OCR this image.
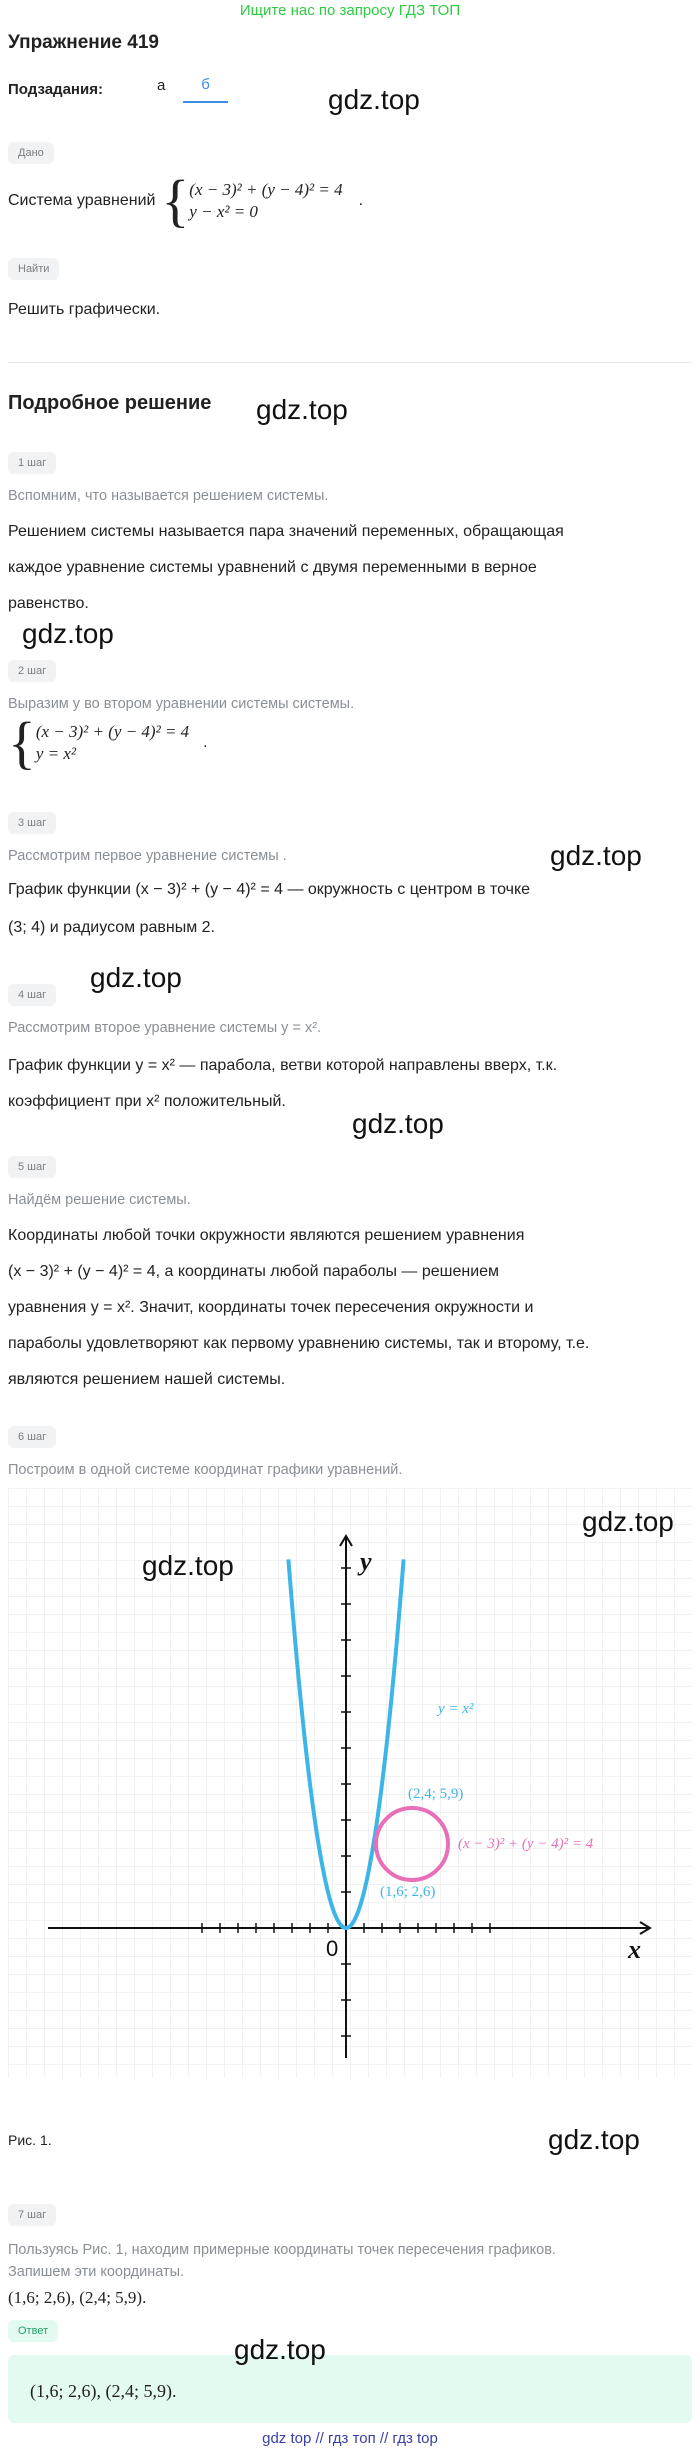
Ищите нас по запросу ГДЗ ТОП
Упражнение 419
Подзадания:	а	б	gdz.top
Дано
Система уравнений { (x − 3)² + (y − 4)² = 4
y − x² = 0
.
Найти
Решить графически.
Подробное решение	gdz.top
1 шаг
Вспомним, что называется решением системы.
Решением системы называется пара значений переменных, обращающая
каждое уравнение системы уравнений с двумя переменными в верное
равенство.
gdz.top
2 шаг
Выразим y во втором уравнении системы системы.
{ (x − 3)² + (y − 4)² = 4
y = x²
.
3 шаг
gdz.top
Рассмотрим первое уравнение системы .
График функции (x − 3)² + (y − 4)² = 4 — окружность с центром в точке
(3; 4) и радиусом равным 2.
gdz.top
4 шаг
Рассмотрим второе уравнение системы y = x².
График функции y = x² — парабола, ветви которой направлены вверх, т.к.
коэффициент при x² положительный.
gdz.top
5 шаг
Найдём решение системы.
Координаты любой точки окружности являются решением уравнения
(x − 3)² + (y − 4)² = 4, а координаты любой параболы — решением
уравнения y = x². Значит, координаты точек пересечения окружности и
параболы удовлетворяют как первому уравнению системы, так и второму, т.е.
являются решением нашей системы.
6 шаг
Построим в одной системе координат графики уравнений.
x
y
0
y = x²
(x − 3)² + (y − 4)² = 4
(1,6; 2,6)
(2,4; 5,9)
gdz.top
gdz.top
Рис. 1.	gdz.top
7 шаг
Пользуясь Рис. 1, находим примерные координаты точек пересечения графиков.
Запишем эти координаты.
(1,6; 2,6), (2,4; 5,9).
Ответ
(1,6; 2,6), (2,4; 5,9).
gdz.top
gdz top // гдз топ // гдз top
